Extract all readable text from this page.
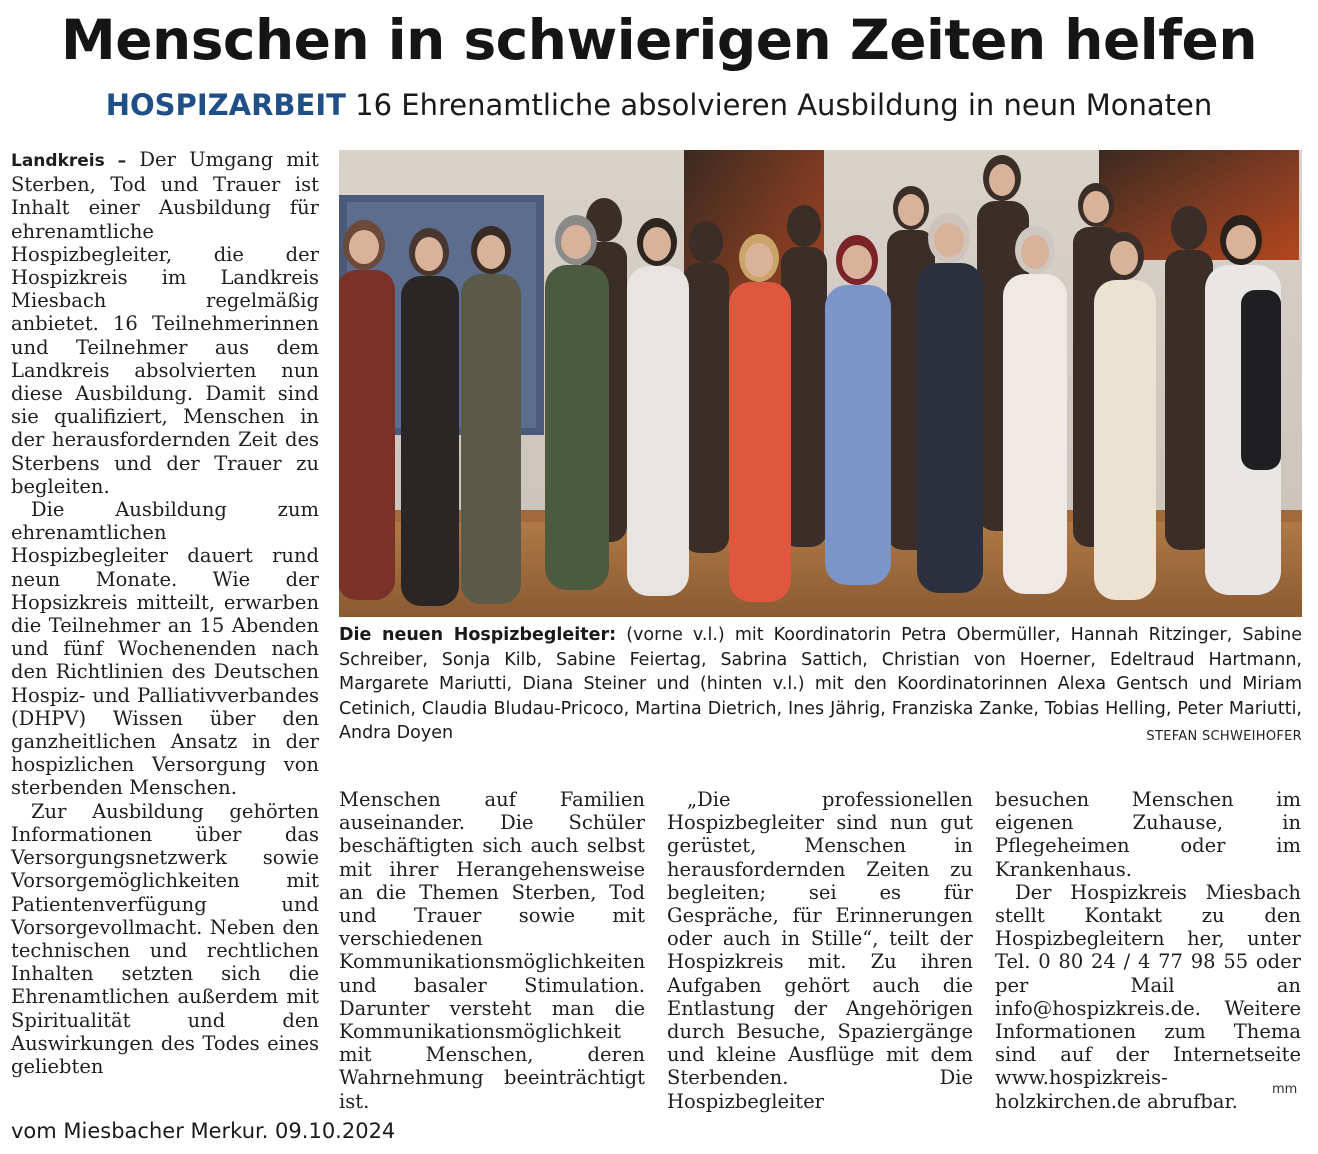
Menschen in schwierigen Zeiten helfen
HOSPIZARBEIT 16 Ehrenamtliche absolvieren Ausbildung in neun Monaten

Landkreis – Der Umgang mit Sterben, Tod und Trauer ist Inhalt einer Ausbildung für ehrenamtliche Hospizbegleiter, die der Hospizkreis im Landkreis Miesbach regelmäßig anbietet. 16 Teilnehmerinnen und Teilnehmer aus dem Landkreis absolvierten nun diese Ausbildung. Damit sind sie qualifiziert, Menschen in der herausfordernden Zeit des Sterbens und der Trauer zu begleiten.

Die Ausbildung zum ehrenamtlichen Hospizbegleiter dauert rund neun Monate. Wie der Hopsizkreis mitteilt, erwarben die Teilnehmer an 15 Abenden und fünf Wochenenden nach den Richtlinien des Deutschen Hospiz- und Palliativverbandes (DHPV) Wissen über den ganzheitlichen Ansatz in der hospizlichen Versorgung von sterbenden Menschen.

Zur Ausbildung gehörten Informationen über das Versorgungsnetzwerk sowie Vorsorgemöglichkeiten mit Patientenverfügung und Vorsorgevollmacht. Neben den technischen und rechtlichen Inhalten setzten sich die Ehrenamtlichen außerdem mit Spiritualität und den Auswirkungen des Todes eines geliebten

Die neuen Hospizbegleiter: (vorne v.l.) mit Koordinatorin Petra Obermüller, Hannah Ritzinger, Sabine Schreiber, Sonja Kilb, Sabine Feiertag, Sabrina Sattich, Christian von Hoerner, Edeltraud Hartmann, Margarete Mariutti, Diana Steiner und (hinten v.l.) mit den Koordinatorinnen Alexa Gentsch und Miriam Cetinich, Claudia Bludau-Pricoco, Martina Dietrich, Ines Jährig, Franziska Zanke, Tobias Helling, Peter Mariutti, Andra Doyen	STEFAN SCHWEIHOFER

Menschen auf Familien auseinander. Die Schüler beschäftigten sich auch selbst mit ihrer Herangehensweise an die Themen Sterben, Tod und Trauer sowie mit verschiedenen Kommunikationsmöglichkeiten und basaler Stimulation. Darunter versteht man die Kommunikationsmöglichkeit mit Menschen, deren Wahrnehmung beeinträchtigt ist.

„Die professionellen Hospizbegleiter sind nun gut gerüstet, Menschen in herausfordernden Zeiten zu begleiten; sei es für Gespräche, für Erinnerungen oder auch in Stille“, teilt der Hospizkreis mit. Zu ihren Aufgaben gehört auch die Entlastung der Angehörigen durch Besuche, Spaziergänge und kleine Ausflüge mit dem Sterbenden. Die Hospizbegleiter

besuchen Menschen im eigenen Zuhause, in Pflegeheimen oder im Krankenhaus.

Der Hospizkreis Miesbach stellt Kontakt zu den Hospizbegleitern her, unter Tel. 0 80 24 / 4 77 98 55 oder per Mail an info@hospizkreis.de. Weitere Informationen zum Thema sind auf der Internetseite www.hospizkreis-holzkirchen.de abrufbar.

mm
vom Miesbacher Merkur. 09.10.2024
